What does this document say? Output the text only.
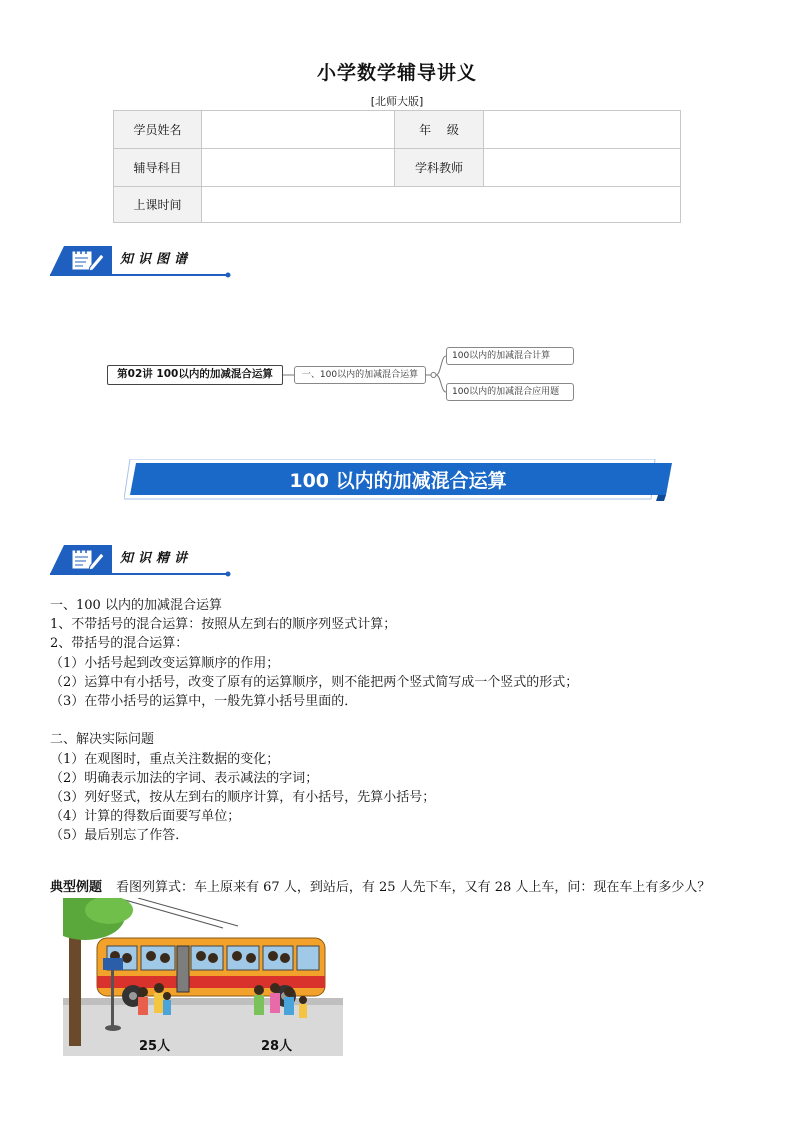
小学数学辅导讲义
[北师大版]
学员姓名		年　 级	
辅导科目		学科教师	
上课时间			
知识图谱
第02讲 100以内的加减混合运算	一、100以内的加减混合运算
100以内的加减混合计算
100以内的加减混合应用题
100 以内的加减混合运算
知识精讲
一、100 以内的加减混合运算
1、不带括号的混合运算：按照从左到右的顺序列竖式计算；
2、带括号的混合运算：
（1）小括号起到改变运算顺序的作用；
（2）运算中有小括号，改变了原有的运算顺序，则不能把两个竖式简写成一个竖式的形式；
（3）在带小括号的运算中，一般先算小括号里面的．
二、解决实际问题
（1）在观图时，重点关注数据的变化；
（2）明确表示加法的字词、表示减法的字词；
（3）列好竖式，按从左到右的顺序计算，有小括号，先算小括号；
（4）计算的得数后面要写单位；
（5）最后别忘了作答．
典型例题 看图列算式：车上原来有 67 人，到站后，有 25 人先下车，又有 28 人上车，问：现在车上有多少人？
25人	28人
